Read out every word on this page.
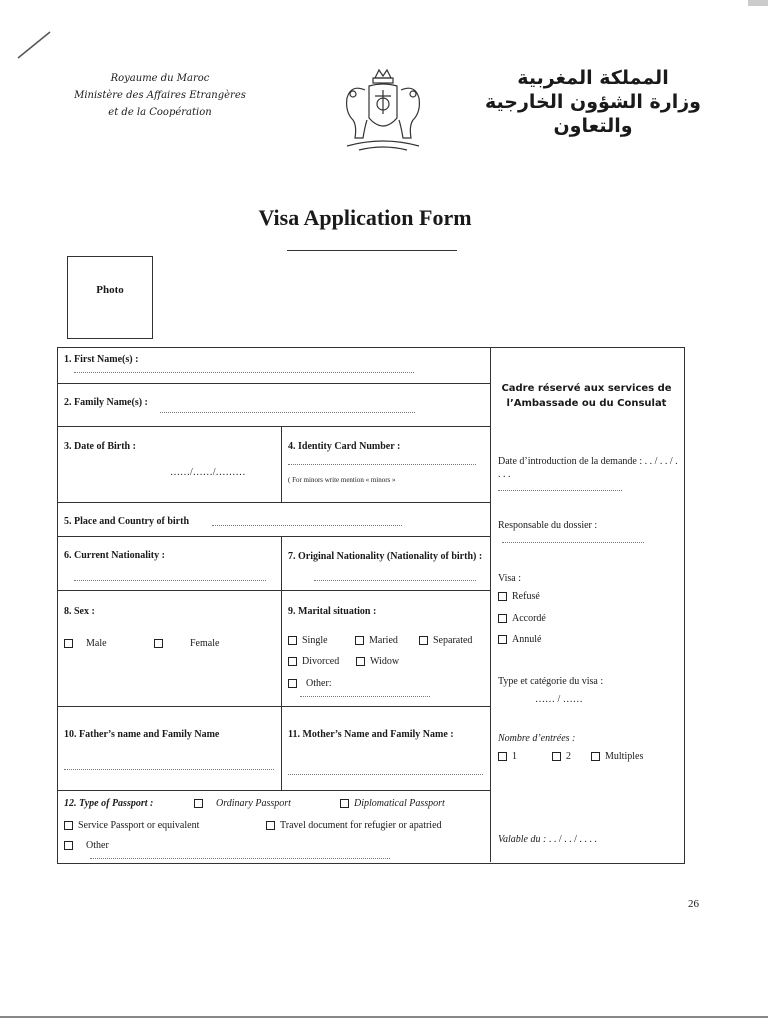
Royaume du Maroc
Ministère des Affaires Etrangères
et de la Coopération
المملكة المغربية
وزارة الشؤون الخارجية
والتعاون
Visa Application Form
Photo
1. First Name(s) :
2. Family Name(s) :
3. Date of Birth :
……/……/………
4. Identity Card Number :
( For minors write mention « minors »
5. Place and Country of birth
6. Current Nationality :	7. Original Nationality (Nationality of birth) :
8. Sex :
Male	Female
9. Marital situation :
Single	Maried	Separated
Divorced	Widow
Other:
10. Father’s name and Family Name	11. Mother’s Name and Family Name :
12. Type of Passport :	Ordinary Passport	Diplomatical Passport
Service Passport or equivalent	Travel document for refugier or apatried
Other
Cadre réservé aux services de l’Ambassade ou du Consulat
Date d’introduction de la demande : . . / . . / . . . .
Responsable du dossier :
Visa :
Refusé
Accordé
Annulé
Type et catégorie du visa :
…… / ……
Nombre d’entrées :
1	2	Multiples
Valable du : . . / . . / . . . .
26
